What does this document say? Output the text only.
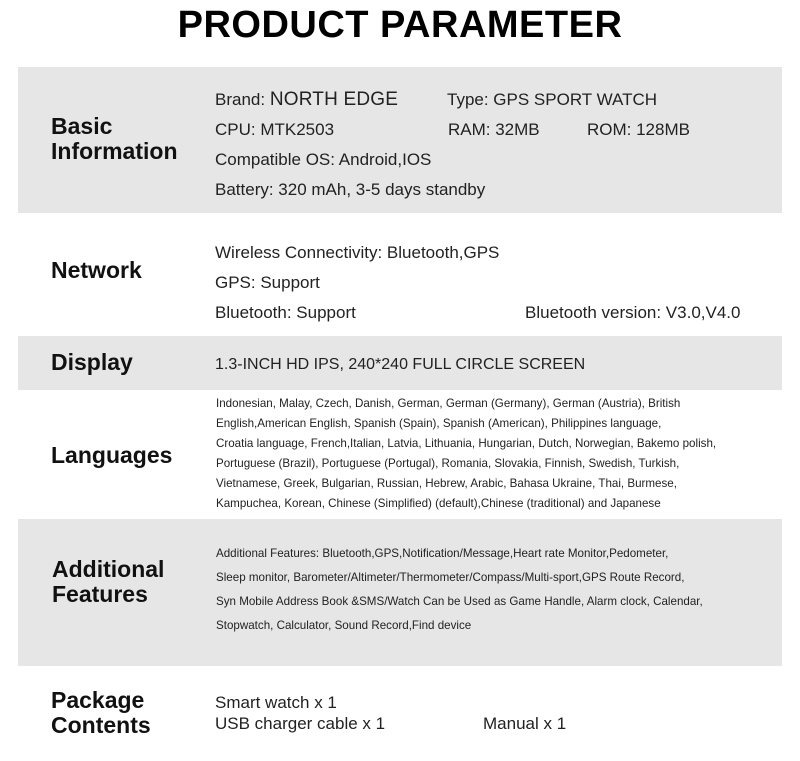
PRODUCT PARAMETER
Basic
Information
Brand: NORTH EDGE	Type: GPS SPORT WATCH
CPU: MTK2503	RAM: 32MB	ROM: 128MB
Compatible OS: Android,IOS
Battery: 320 mAh, 3-5 days standby
Network
Wireless Connectivity: Bluetooth,GPS
GPS: Support
Bluetooth: Support	Bluetooth version: V3.0,V4.0
Display	1.3-INCH HD IPS, 240*240 FULL CIRCLE SCREEN
Languages
Indonesian, Malay, Czech, Danish, German, German (Germany), German (Austria), British
English,American English, Spanish (Spain), Spanish (American), Philippines language,
Croatia language, French,Italian, Latvia, Lithuania, Hungarian, Dutch, Norwegian, Bakemo polish,
Portuguese (Brazil), Portuguese (Portugal), Romania, Slovakia, Finnish, Swedish, Turkish,
Vietnamese, Greek, Bulgarian, Russian, Hebrew, Arabic, Bahasa Ukraine, Thai, Burmese,
Kampuchea, Korean, Chinese (Simplified) (default),Chinese (traditional) and Japanese
Additional
Features
Additional Features: Bluetooth,GPS,Notification/Message,Heart rate Monitor,Pedometer,
Sleep monitor, Barometer/Altimeter/Thermometer/Compass/Multi-sport,GPS Route Record,
Syn Mobile Address Book &SMS/Watch Can be Used as Game Handle, Alarm clock, Calendar,
Stopwatch, Calculator, Sound Record,Find device
Package
Contents
Smart watch x 1
USB charger cable x 1	Manual x 1
